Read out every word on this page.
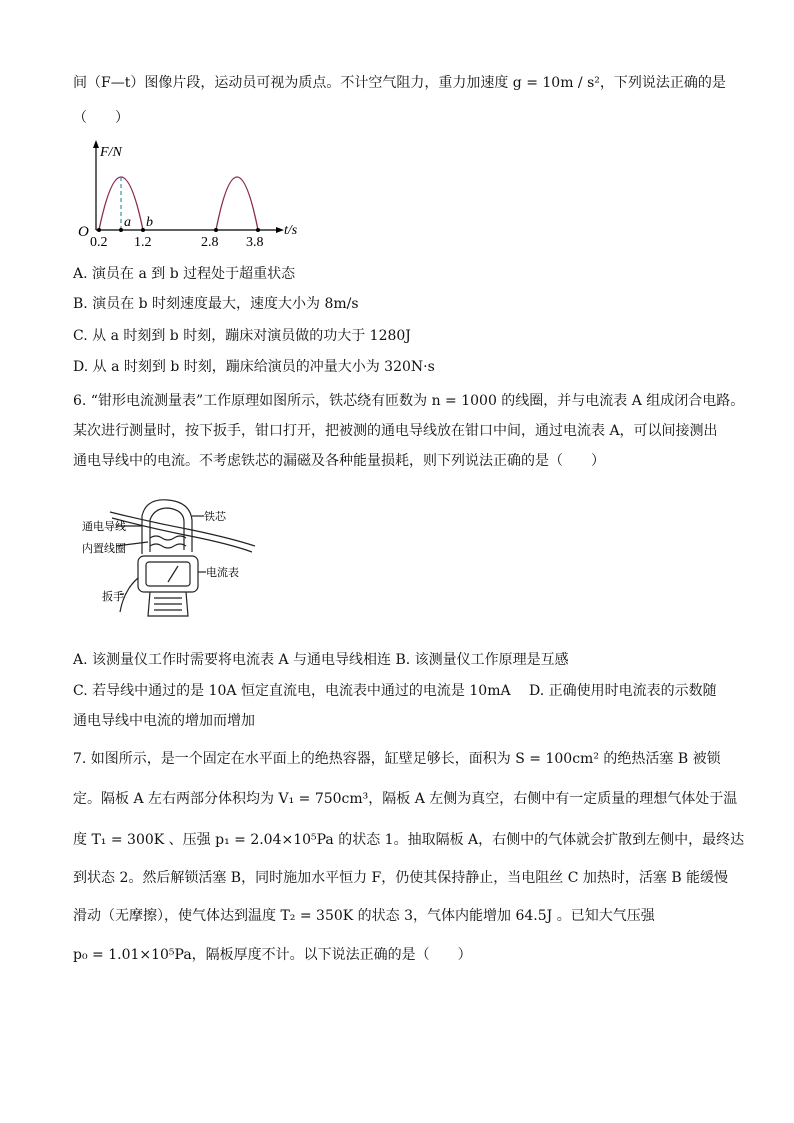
间（F—t）图像片段，运动员可视为质点。不计空气阻力，重力加速度 g = 10m / s²，下列说法正确的是
（　　）
F/N
t/s
O
a b
0.2 1.2	2.8 3.8
A. 演员在 a 到 b 过程处于超重状态
B. 演员在 b 时刻速度最大，速度大小为 8m/s
C. 从 a 时刻到 b 时刻，蹦床对演员做的功大于 1280J
D. 从 a 时刻到 b 时刻，蹦床给演员的冲量大小为 320N·s
6. “钳形电流测量表”工作原理如图所示，铁芯绕有匝数为 n = 1000 的线圈，并与电流表 A 组成闭合电路。
某次进行测量时，按下扳手，钳口打开，把被测的通电导线放在钳口中间，通过电流表 A，可以间接测出
通电导线中的电流。不考虑铁芯的漏磁及各种能量损耗，则下列说法正确的是（　　）
通电导线
内置线圈
扳手
铁芯
电流表
A. 该测量仪工作时需要将电流表 A 与通电导线相连 B. 该测量仪工作原理是互感
C. 若导线中通过的是 10A 恒定直流电，电流表中通过的电流是 10mA　 D. 正确使用时电流表的示数随
通电导线中电流的增加而增加
7. 如图所示，是一个固定在水平面上的绝热容器，缸壁足够长，面积为 S = 100cm² 的绝热活塞 B 被锁
定。隔板 A 左右两部分体积均为 V₁ = 750cm³，隔板 A 左侧为真空，右侧中有一定质量的理想气体处于温
度 T₁ = 300K 、压强 p₁ = 2.04×10⁵Pa 的状态 1。抽取隔板 A，右侧中的气体就会扩散到左侧中，最终达
到状态 2。然后解锁活塞 B，同时施加水平恒力 F，仍使其保持静止，当电阻丝 C 加热时，活塞 B 能缓慢
滑动（无摩擦），使气体达到温度 T₂ = 350K 的状态 3，气体内能增加 64.5J 。已知大气压强
p₀ = 1.01×10⁵Pa，隔板厚度不计。以下说法正确的是（　　）
